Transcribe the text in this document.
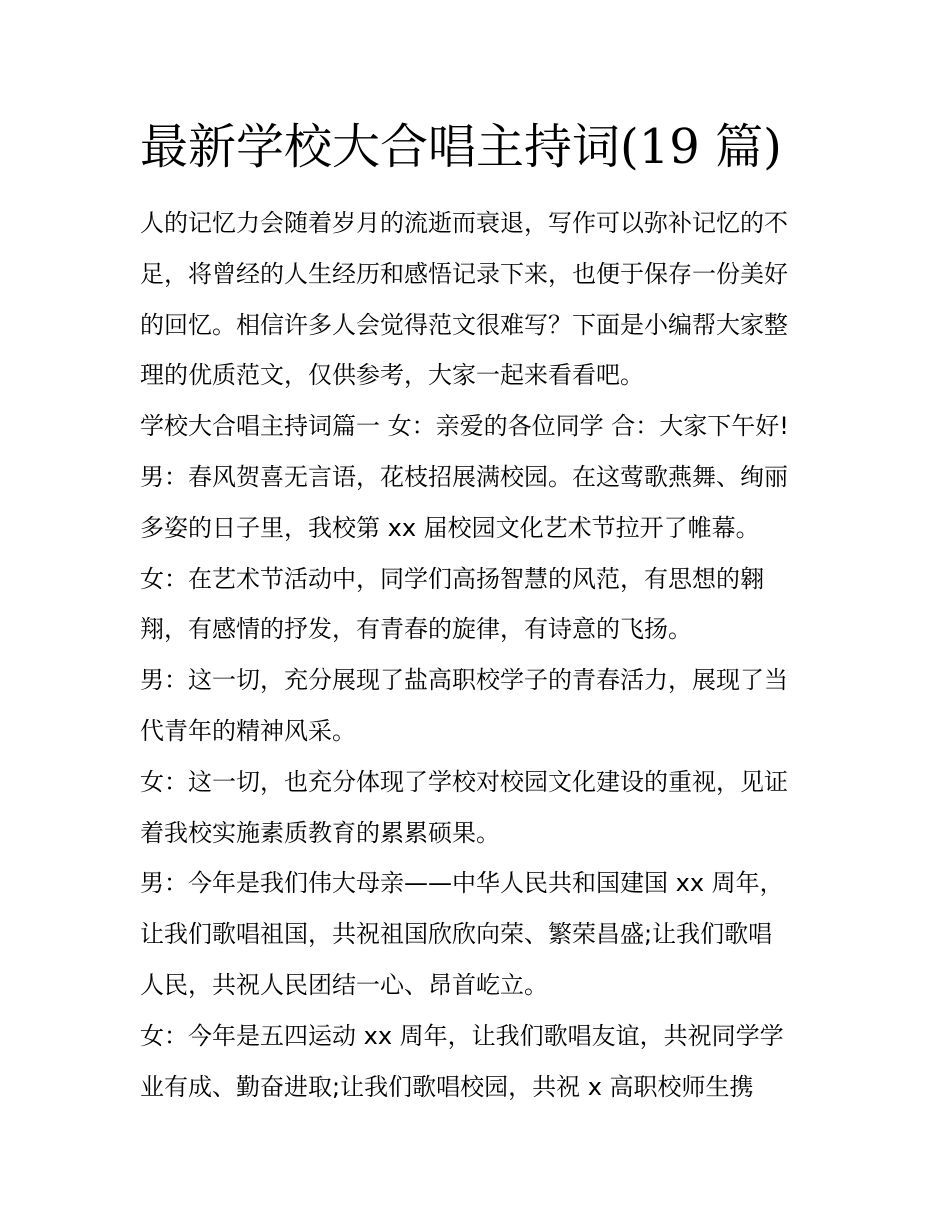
最新学校大合唱主持词(19 篇)
人的记忆力会随着岁月的流逝而衰退，写作可以弥补记忆的不
足，将曾经的人生经历和感悟记录下来，也便于保存一份美好
的回忆。相信许多人会觉得范文很难写？下面是小编帮大家整
理的优质范文，仅供参考，大家一起来看看吧。
学校大合唱主持词篇一 女：亲爱的各位同学 合：大家下午好!
男：春风贺喜无言语，花枝招展满校园。在这莺歌燕舞、绚丽
多姿的日子里，我校第 xx 届校园文化艺术节拉开了帷幕。
女：在艺术节活动中，同学们高扬智慧的风范，有思想的翱
翔，有感情的抒发，有青春的旋律，有诗意的飞扬。
男：这一切，充分展现了盐高职校学子的青春活力，展现了当
代青年的精神风采。
女：这一切，也充分体现了学校对校园文化建设的重视，见证
着我校实施素质教育的累累硕果。
男：今年是我们伟大母亲——中华人民共和国建国 xx 周年，
让我们歌唱祖国，共祝祖国欣欣向荣、繁荣昌盛;让我们歌唱
人民，共祝人民团结一心、昂首屹立。
女：今年是五四运动 xx 周年，让我们歌唱友谊，共祝同学学
业有成、勤奋进取;让我们歌唱校园，共祝 x 高职校师生携
